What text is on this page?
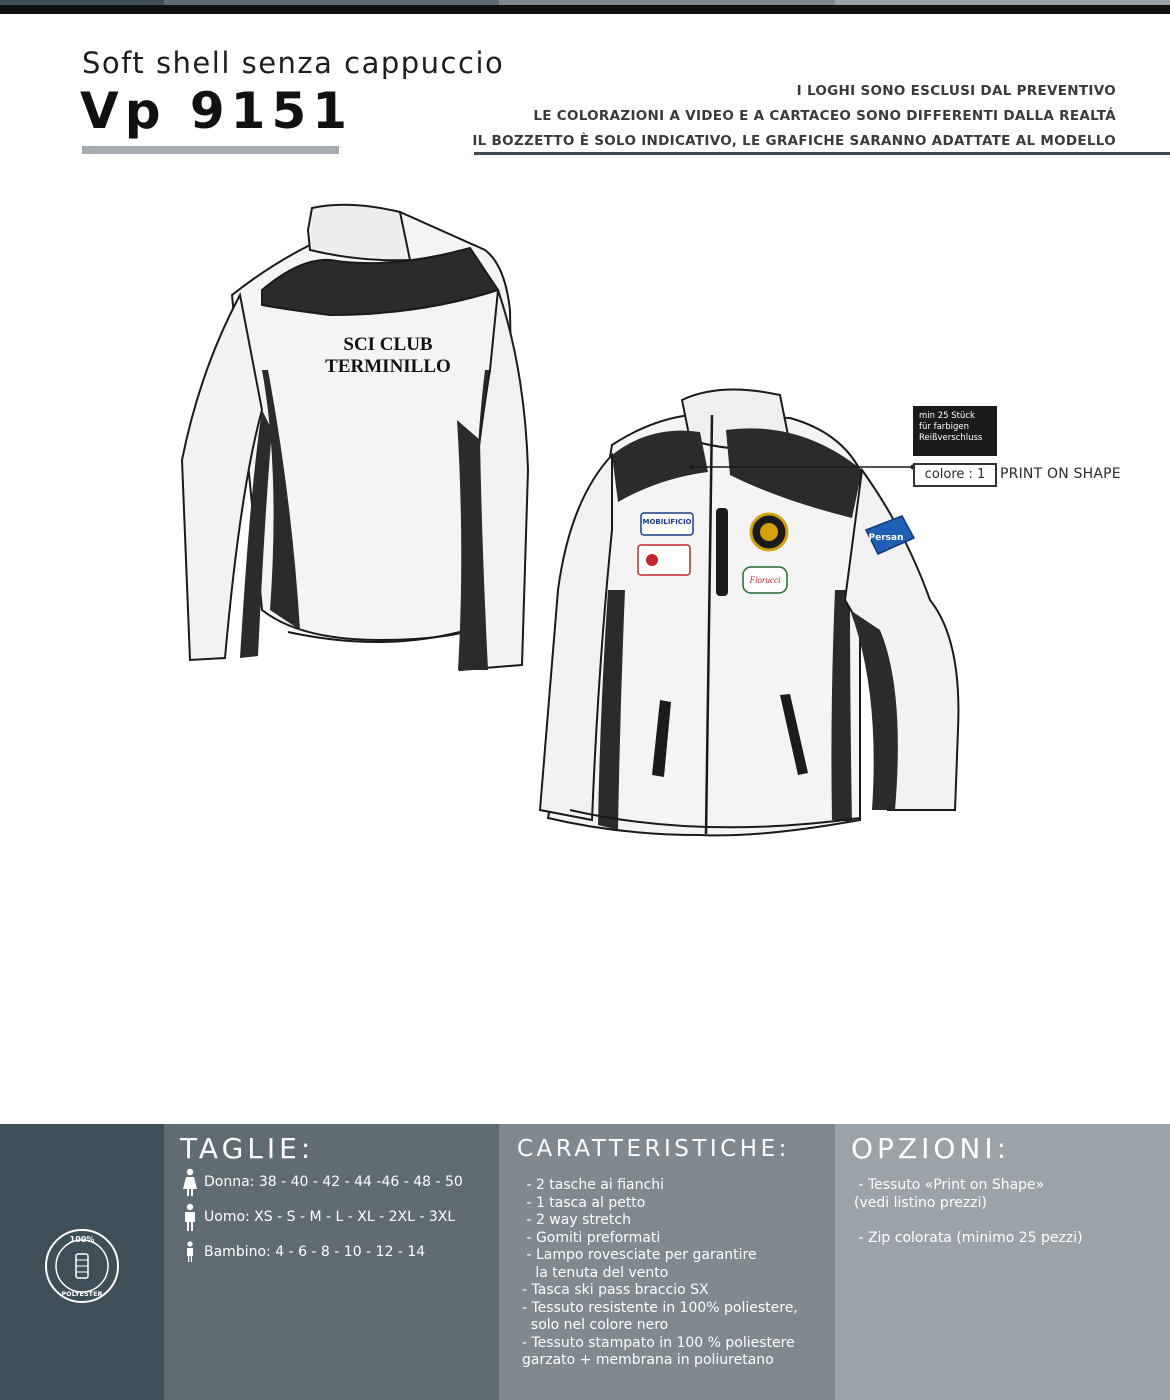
Soft shell senza cappuccio
Vp 9151	I LOGHI SONO ESCLUSI DAL PREVENTIVO
LE COLORAZIONI A VIDEO E A CARTACEO SONO DIFFERENTI DALLA REALTÁ
IL BOZZETTO È SOLO INDICATIVO, LE GRAFICHE SARANNO ADATTATE AL MODELLO
SCI CLUB
TERMINILLO
MOBILIFICIO
Fiorucci
Persan
min 25 Stück
für farbigen
Reißverschluss
colore : 1	PRINT ON SHAPE
100%
POLYESTER
TAGLIE:
Donna: 38 - 40 - 42 - 44 -46 - 48 - 50
Uomo: XS - S - M - L - XL - 2XL - 3XL
Bambino: 4 - 6 - 8 - 10 - 12 - 14
CARATTERISTICHE:
- 2 tasche ai fianchi
- 1 tasca al petto
- 2 way stretch
- Gomiti preformati
- Lampo rovesciate per garantire
la tenuta del vento
- Tasca ski pass braccio SX
- Tessuto resistente in 100% poliestere,
solo nel colore nero
- Tessuto stampato in 100 % poliestere
garzato + membrana in poliuretano
OPZIONI:
- Tessuto «Print on Shape»
(vedi listino prezzi)
- Zip colorata (minimo 25 pezzi)
